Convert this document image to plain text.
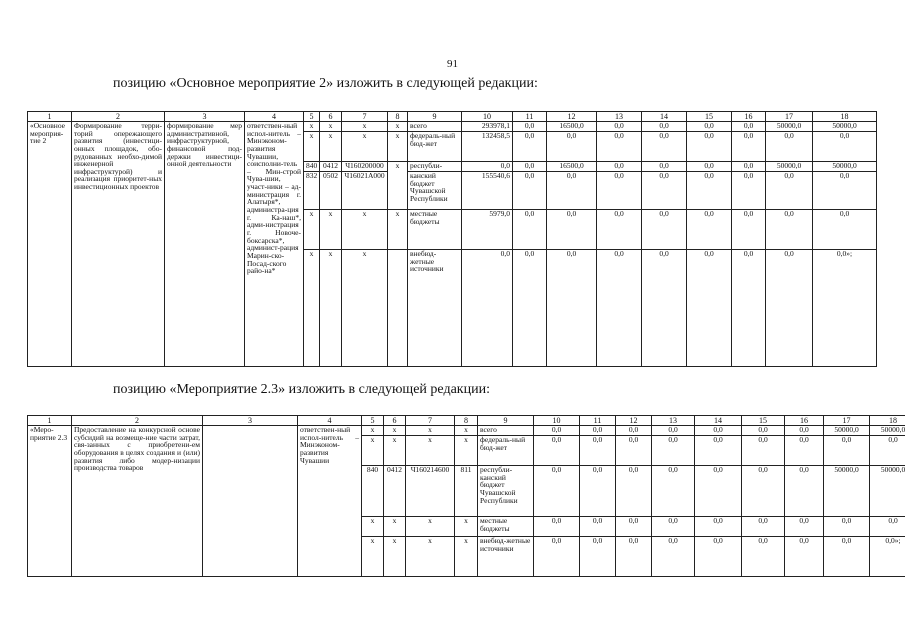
91
позицию «Основное мероприятие 2» изложить в следующей редакции:
1	2	3	4	5	6	7	8	9	10	11	12	13	14	15	16	17	18
«Основное мероприя-тие 2	Формирование терри-торий опережающего развития (инвестици-онных площадок, обо-рудованных необхо-димой инженерной инфраструктурой) и реализация приоритет-ных инвестиционных проектов	формирование мер административной, инфраструктурной, финансовой под-держки инвестици-онной деятельности	ответствен-ный испол-нитель – Минэконом-развития Чувашии, соисполни-тель – Мин-строй Чува-шии, участ-ники – ад-министрация г. Алатыря*, администра-ция г. Ка-наш*, адми-нистрация г. Новоче-боксарска*, админист-рация Марин-ско-Посад-ского райо-на*	x	x	x	x	всего	293978,1	0,0	16500,0	0,0	0,0	0,0	0,0	50000,0	50000,0
				x	x	x	x	федераль-ный бюд-жет	132458,5	0,0	0,0	0,0	0,0	0,0	0,0	0,0	0,0
				840	0412	Ч160200000	x	республи-	0,0	0,0	16500,0	0,0	0,0	0,0	0,0	50000,0	50000,0
				832	0502	Ч16021A000		канский бюджет Чувашской Республики	155540,6	0,0	0,0	0,0	0,0	0,0	0,0	0,0	0,0
				x	x	x	x	местные бюджеты	5979,0	0,0	0,0	0,0	0,0	0,0	0,0	0,0	0,0
				x	x	x		внебюд-жетные источники	0,0	0,0	0,0	0,0	0,0	0,0	0,0	0,0	0,0»;
позицию «Мероприятие 2.3» изложить в следующей редакции:
1	2	3	4	5	6	7	8	9	10	11	12	13	14	15	16	17	18
«Меро-приятие 2.3	Предоставление на конкурсной основе субсидий на возмеще-ние части затрат, свя-занных с приобретени-ем оборудования в целях создания и (или) развития либо модер-низации производства товаров		ответствен-ный испол-нитель – Минэконом-развития Чувашии	x	x	x	x	всего	0,0	0,0	0,0	0,0	0,0	0,0	0,0	50000,0	50000,0
				x	x	x	x	федераль-ный бюд-жет	0,0	0,0	0,0	0,0	0,0	0,0	0,0	0,0	0,0
				840	0412	Ч160214600	811	республи-канский бюджет Чувашской Республики	0,0	0,0	0,0	0,0	0,0	0,0	0,0	50000,0	50000,0
				x	x	x	x	местные бюджеты	0,0	0,0	0,0	0,0	0,0	0,0	0,0	0,0	0,0
				x	x	x	x	внебюд-жетные источники	0,0	0,0	0,0	0,0	0,0	0,0	0,0	0,0	0,0»;
